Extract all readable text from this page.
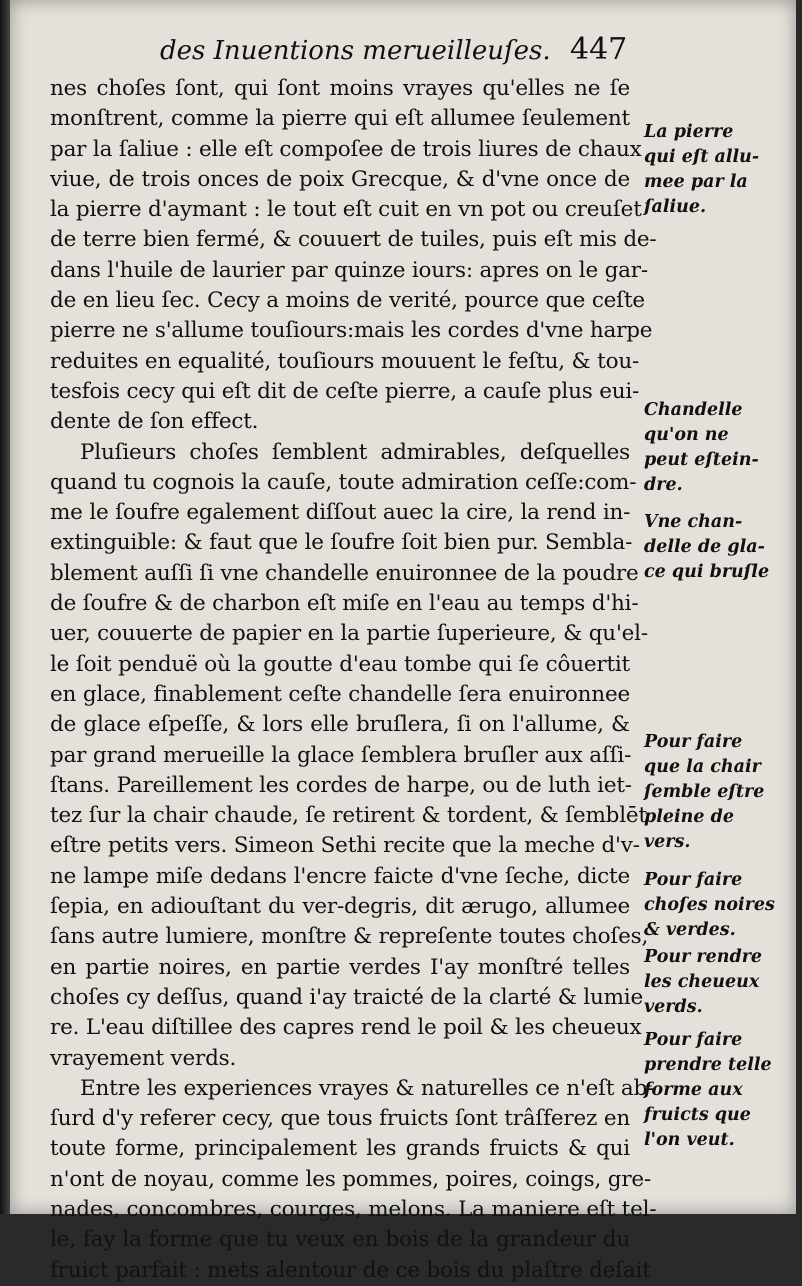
des Inuentions merueilleuſes. 447
nes choſes ſont, qui ſont moins vrayes qu'elles ne ſe
monſtrent, comme la pierre qui eſt allumee ſeulement
par la ſaliue : elle eſt compoſee de trois liures de chaux
viue, de trois onces de poix Grecque, & d'vne once de
la pierre d'aymant : le tout eſt cuit en vn pot ou creuſet
de terre bien fermé, & couuert de tuiles, puis eſt mis de-
dans l'huile de laurier par quinze iours: apres on le gar-
de en lieu ſec. Cecy a moins de verité, pource que ceſte
pierre ne s'allume touſiours:mais les cordes d'vne harpe
reduites en equalité, touſiours mouuent le feſtu, & tou-
tesfois cecy qui eſt dit de ceſte pierre, a cauſe plus eui-
dente de ſon effect.
Pluſieurs choſes ſemblent admirables, deſquelles
quand tu cognois la cauſe, toute admiration ceſſe:com-
me le ſoufre egalement diſſout auec la cire, la rend in-
extinguible: & faut que le ſoufre ſoit bien pur. Sembla-
blement auſſi ſi vne chandelle enuironnee de la poudre
de ſoufre & de charbon eſt miſe en l'eau au temps d'hi-
uer, couuerte de papier en la partie ſuperieure, & qu'el-
le ſoit penduë où la goutte d'eau tombe qui ſe côuertit
en glace, finablement ceſte chandelle ſera enuironnee
de glace eſpeſſe, & lors elle bruſlera, ſi on l'allume, &
par grand merueille la glace ſemblera bruſler aux aſſi-
ſtans. Pareillement les cordes de harpe, ou de luth iet-
tez ſur la chair chaude, ſe retirent & tordent, & ſemblēt
eſtre petits vers. Simeon Sethi recite que la meche d'v-
ne lampe miſe dedans l'encre faicte d'vne ſeche, dicte
ſepia, en adiouſtant du ver-degris, dit ærugo, allumee
ſans autre lumiere, monſtre & repreſente toutes choſes,
en partie noires, en partie verdes I'ay monſtré telles
choſes cy deſſus, quand i'ay traicté de la clarté & lumie
re. L'eau diſtillee des capres rend le poil & les cheueux
vrayement verds.
Entre les experiences vrayes & naturelles ce n'eſt ab-
ſurd d'y referer cecy, que tous fruicts ſont trâſferez en
toute forme, principalement les grands fruicts & qui
n'ont de noyau, comme les pommes, poires, coings, gre-
nades, concombres, courges, melons. La maniere eſt tel-
le, fay la forme que tu veux en bois de la grandeur du
fruict parfait : mets alentour de ce bois du plaſtre deſait
La pierre
qui eſt allu-
mee par la
ſaliue.
Chandelle
qu'on ne
peut eſtein-
dre.
Vne chan-
delle de gla-
ce qui bruſle
Pour faire
que la chair
ſemble eſtre
pleine de
vers.
Pour faire
choſes noires
& verdes.
Pour rendre
les cheueux
verds.
Pour faire
prendre telle
forme aux
fruicts que
l'on veut.
